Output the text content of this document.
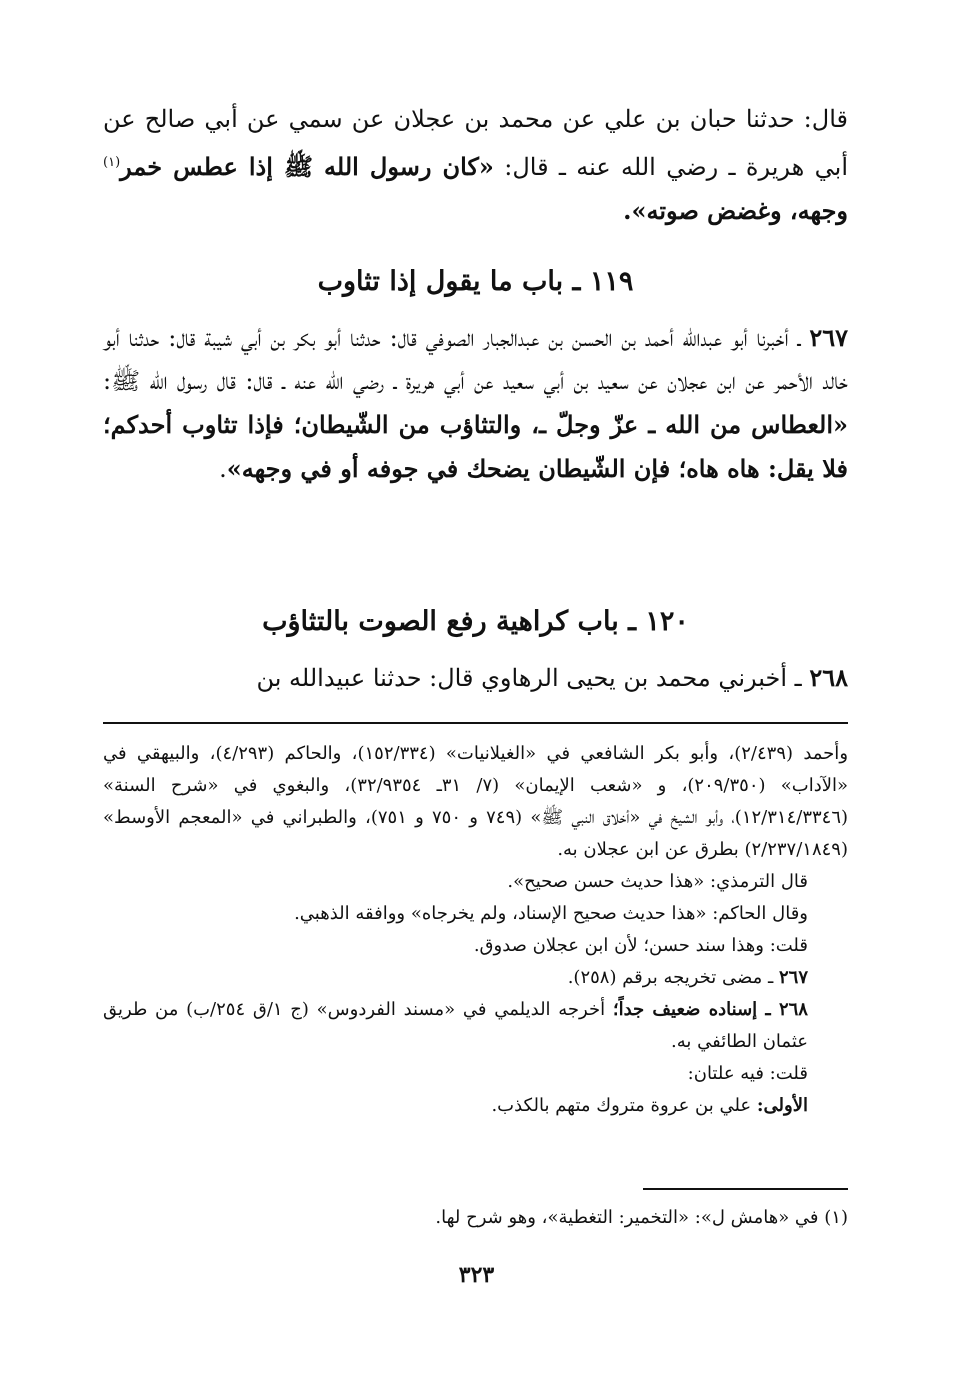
قال: حدثنا حبان بن علي عن محمد بن عجلان عن سمي عن أبي صالح عن أبي هريرة ـ رضي الله عنه ـ قال: «كان رسول الله ﷺ إذا عطس خمر$^{(١)}$ وجهه، وغضض صوته».
١١٩ ـ باب ما يقول إذا تثاوب
٢٦٧ ـ أخبرنا أبو عبدالله أحمد بن الحسن بن عبدالجبار الصوفي قال: حدثنا أبو بكر بن أبي شيبة قال: حدثنا أبو خالد الأحمر عن ابن عجلان عن سعيد بن أبي سعيد عن أبي هريرة ـ رضي الله عنه ـ قال: قال رسول الله ﷺ: «العطاس من الله ـ عزّ وجلّ ـ، والتثاؤب من الشّيطان؛ فإذا تثاوب أحدكم؛ فلا يقل: هاه هاه؛ فإن الشّيطان يضحك في جوفه أو في وجهه».
١٢٠ ـ باب كراهية رفع الصوت بالتثاؤب
٢٦٨ ـ أخبرني محمد بن يحيى الرهاوي قال: حدثنا عبيدالله بن

وأحمد (٢/٤٣٩)، وأبو بكر الشافعي في «الغيلانيات» (١٥٢/٣٣٤)، والحاكم (٤/٢٩٣)، والبيهقي في «الآداب» (٢٠٩/٣٥٠)، و «شعب الإيمان» (٧/ ٣١ـ ٣٢/٩٣٥٤)، والبغوي في «شرح السنة» (١٢/٣١٤/٣٣٤٦)، وأبو الشيخ في «أخلاق النبي ﷺ» (٧٤٩ و ٧٥٠ و ٧٥١)، والطبراني في «المعجم الأوسط» (٢/٢٣٧/١٨٤٩) بطرق عن ابن عجلان به.

قال الترمذي: «هذا حديث حسن صحيح».

وقال الحاكم: «هذا حديث صحيح الإسناد، ولم يخرجاه» ووافقه الذهبي.

قلت: وهذا سند حسن؛ لأن ابن عجلان صدوق.

٢٦٧ ـ مضى تخريجه برقم (٢٥٨).

٢٦٨ ـ إسناده ضعيف جداً؛ أخرجه الديلمي في «مسند الفردوس» (ج ١/ق ٢٥٤/ب) من طريق عثمان الطائفي به.

قلت: فيه علتان:

الأولى: علي بن عروة متروك متهم بالكذب.

(١) في «هامش ل»: «التخمير: التغطية»، وهو شرح لها.
٣٢٣
